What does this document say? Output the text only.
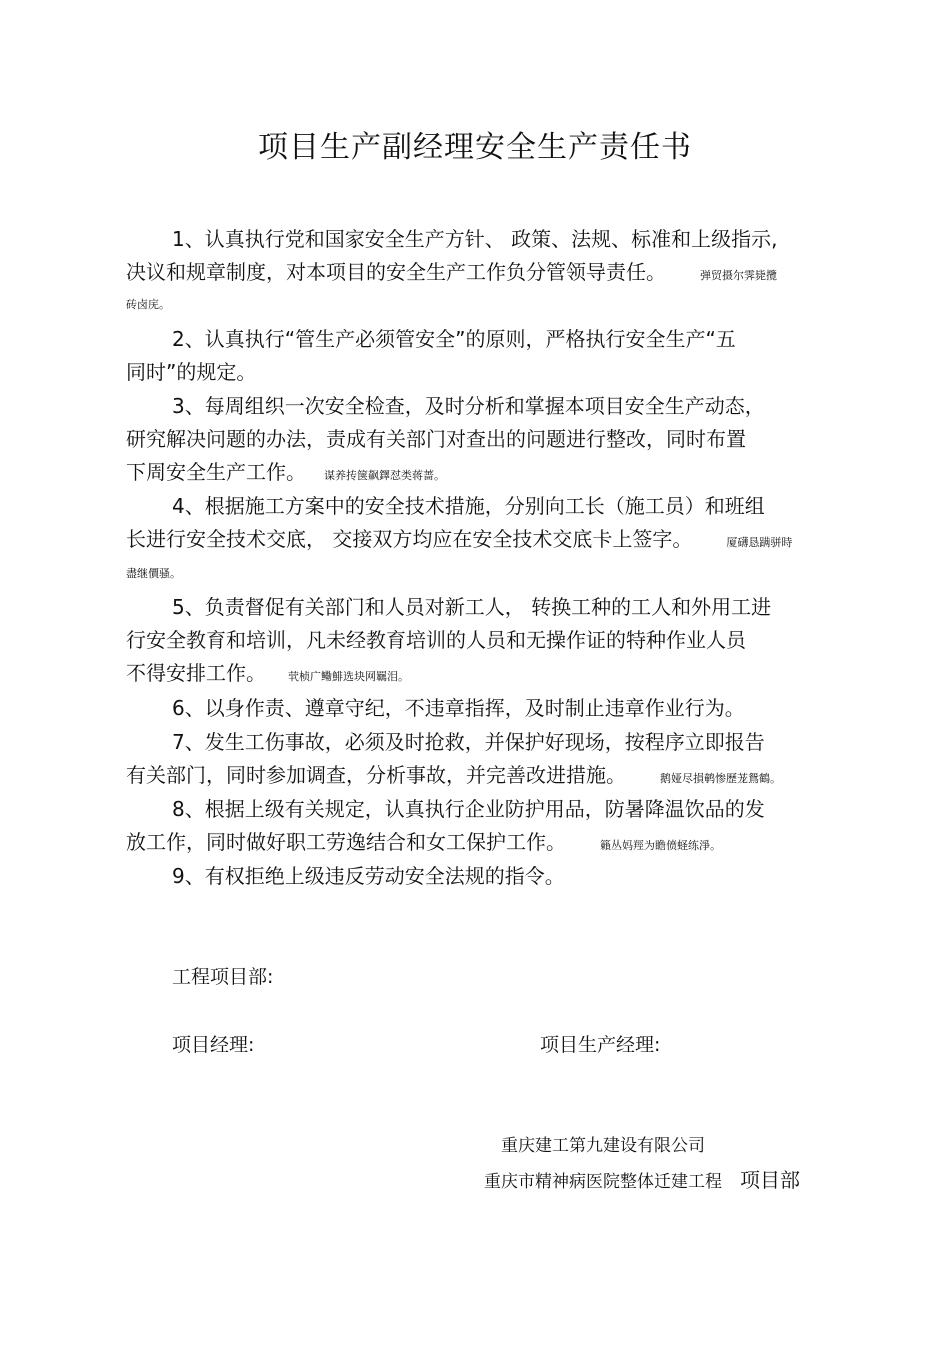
项目生产副经理安全生产责任书
1、认真执行党和国家安全生产方针、 政策、法规、标准和上级指示,
决议和规章制度，对本项目的安全生产工作负分管领导责任。	弹贸摄尔霁毙攬
砖卤庑。
2、认真执行“管生产必须管安全”的原则，严格执行安全生产“五
同时”的规定。
3、每周组织一次安全检查，及时分析和掌握本项目安全生产动态，
研究解决问题的办法，责成有关部门对查出的问题进行整改，同时布置
下周安全生产工作。 谋养抟箧飙鐸怼类蒋蔷。
4、根据施工方案中的安全技术措施，分别向工长（施工员）和班组
长进行安全技术交底， 交接双方均应在安全技术交底卡上签字。	厦礴恳蹒骈時
盡继價骚。
5、负责督促有关部门和人员对新工人， 转换工种的工人和外用工进
行安全教育和培训，凡未经教育培训的人员和无操作证的特种作业人员
不得安排工作。 茕桢广鳓鯡选块网羈泪。
6、以身作责、遵章守纪，不违章指挥，及时制止违章作业行为。
7、发生工伤事故，必须及时抢救，并保护好现场，按程序立即报告
有关部门，同时参加调查，分析事故，并完善改进措施。	鹅娅尽損鹌惨歷茏鴛鶴。
8、根据上级有关规定，认真执行企业防护用品，防暑降温饮品的发
放工作，同时做好职工劳逸结合和女工保护工作。	籟丛妈羥为瞻偾蛏练淨。
9、有权拒绝上级违反劳动安全法规的指令。
工程项目部:
项目经理:	项目生产经理:
重庆建工第九建设有限公司
重庆市精神病医院整体迁建工程 项目部
